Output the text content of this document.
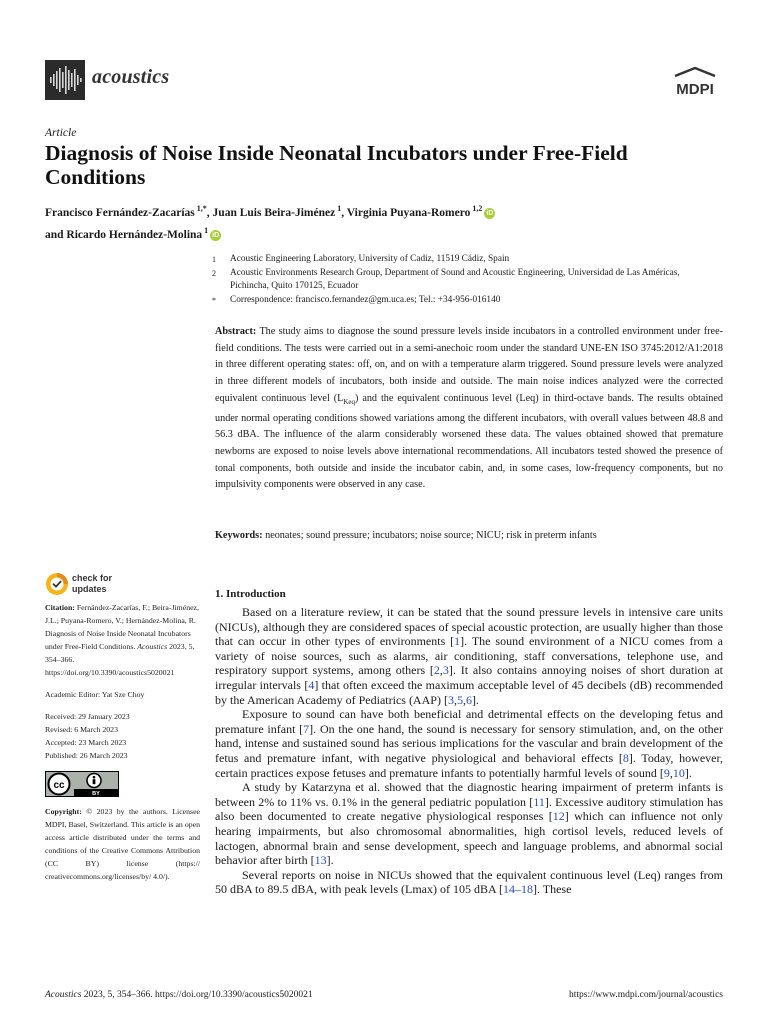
acoustics
MDPI
Article
Diagnosis of Noise Inside Neonatal Incubators under Free-Field Conditions
Francisco Fernández-Zacarías $^{1,*}$, Juan Luis Beira-Jiménez $^1$, Virginia Puyana-Romero $^{1,2}$iD
and Ricardo Hernández-Molina $^1$iD
1	Acoustic Engineering Laboratory, University of Cadiz, 11519 Cádiz, Spain
2	Acoustic Environments Research Group, Department of Sound and Acoustic Engineering, Universidad de Las Américas, Pichincha, Quito 170125, Ecuador
*	Correspondence: francisco.fernandez@gm.uca.es; Tel.: +34-956-016140
Abstract: The study aims to diagnose the sound pressure levels inside incubators in a controlled environment under free-field conditions. The tests were carried out in a semi-anechoic room under the standard UNE-EN ISO 3745:2012/A1:2018 in three different operating states: off, on, and on with a temperature alarm triggered. Sound pressure levels were analyzed in three different models of incubators, both inside and outside. The main noise indices analyzed were the corrected equivalent continuous level $(L_{Keq})$ and the equivalent continuous level (Leq) in third-octave bands. The results obtained under normal operating conditions showed variations among the different incubators, with overall values between 48.8 and 56.3 dBA. The influence of the alarm considerably worsened these data. The values obtained showed that premature newborns are exposed to noise levels above international recommendations. All incubators tested showed the presence of tonal components, both outside and inside the incubator cabin, and, in some cases, low-frequency components, but no impulsivity components were observed in any case.
Keywords: neonates; sound pressure; incubators; noise source; NICU; risk in preterm infants
check for
updates
Citation: Fernández-Zacarías, F.; Beira-Jiménez, J.L.; Puyana-Romero, V.; Hernández-Molina, R. Diagnosis of Noise Inside Neonatal Incubators under Free-Field Conditions. Acoustics 2023, 5, 354–366. https://doi.org/10.3390/acoustics5020021
Academic Editor: Yat Sze Choy
Received: 29 January 2023
Revised: 6 March 2023
Accepted: 23 March 2023
Published: 26 March 2023
cc
BY
Copyright: © 2023 by the authors. Licensee MDPI, Basel, Switzerland. This article is an open access article distributed under the terms and conditions of the Creative Commons Attribution (CC BY) license (https:// creativecommons.org/licenses/by/ 4.0/).
1. Introduction

Based on a literature review, it can be stated that the sound pressure levels in intensive care units (NICUs), although they are considered spaces of special acoustic protection, are usually higher than those that can occur in other types of environments [1]. The sound environment of a NICU comes from a variety of noise sources, such as alarms, air conditioning, staff conversations, telephone use, and respiratory support systems, among others [2,3]. It also contains annoying noises of short duration at irregular intervals [4] that often exceed the maximum acceptable level of 45 decibels (dB) recommended by the American Academy of Pediatrics (AAP) [3,5,6].

Exposure to sound can have both beneficial and detrimental effects on the developing fetus and premature infant [7]. On the one hand, the sound is necessary for sensory stimulation, and, on the other hand, intense and sustained sound has serious implications for the vascular and brain development of the fetus and premature infant, with negative physiological and behavioral effects [8]. Today, however, certain practices expose fetuses and premature infants to potentially harmful levels of sound [9,10].

A study by Katarzyna et al. showed that the diagnostic hearing impairment of preterm infants is between 2% to 11% vs. 0.1% in the general pediatric population [11]. Excessive auditory stimulation has also been documented to create negative physiological responses [12] which can influence not only hearing impairments, but also chromosomal abnormalities, high cortisol levels, reduced levels of lactogen, abnormal brain and sense development, speech and language problems, and abnormal social behavior after birth [13].

Several reports on noise in NICUs showed that the equivalent continuous level (Leq) ranges from 50 dBA to 89.5 dBA, with peak levels (Lmax) of 105 dBA [14–18]. These

Acoustics 2023, 5, 354–366. https://doi.org/10.3390/acoustics5020021	https://www.mdpi.com/journal/acoustics
